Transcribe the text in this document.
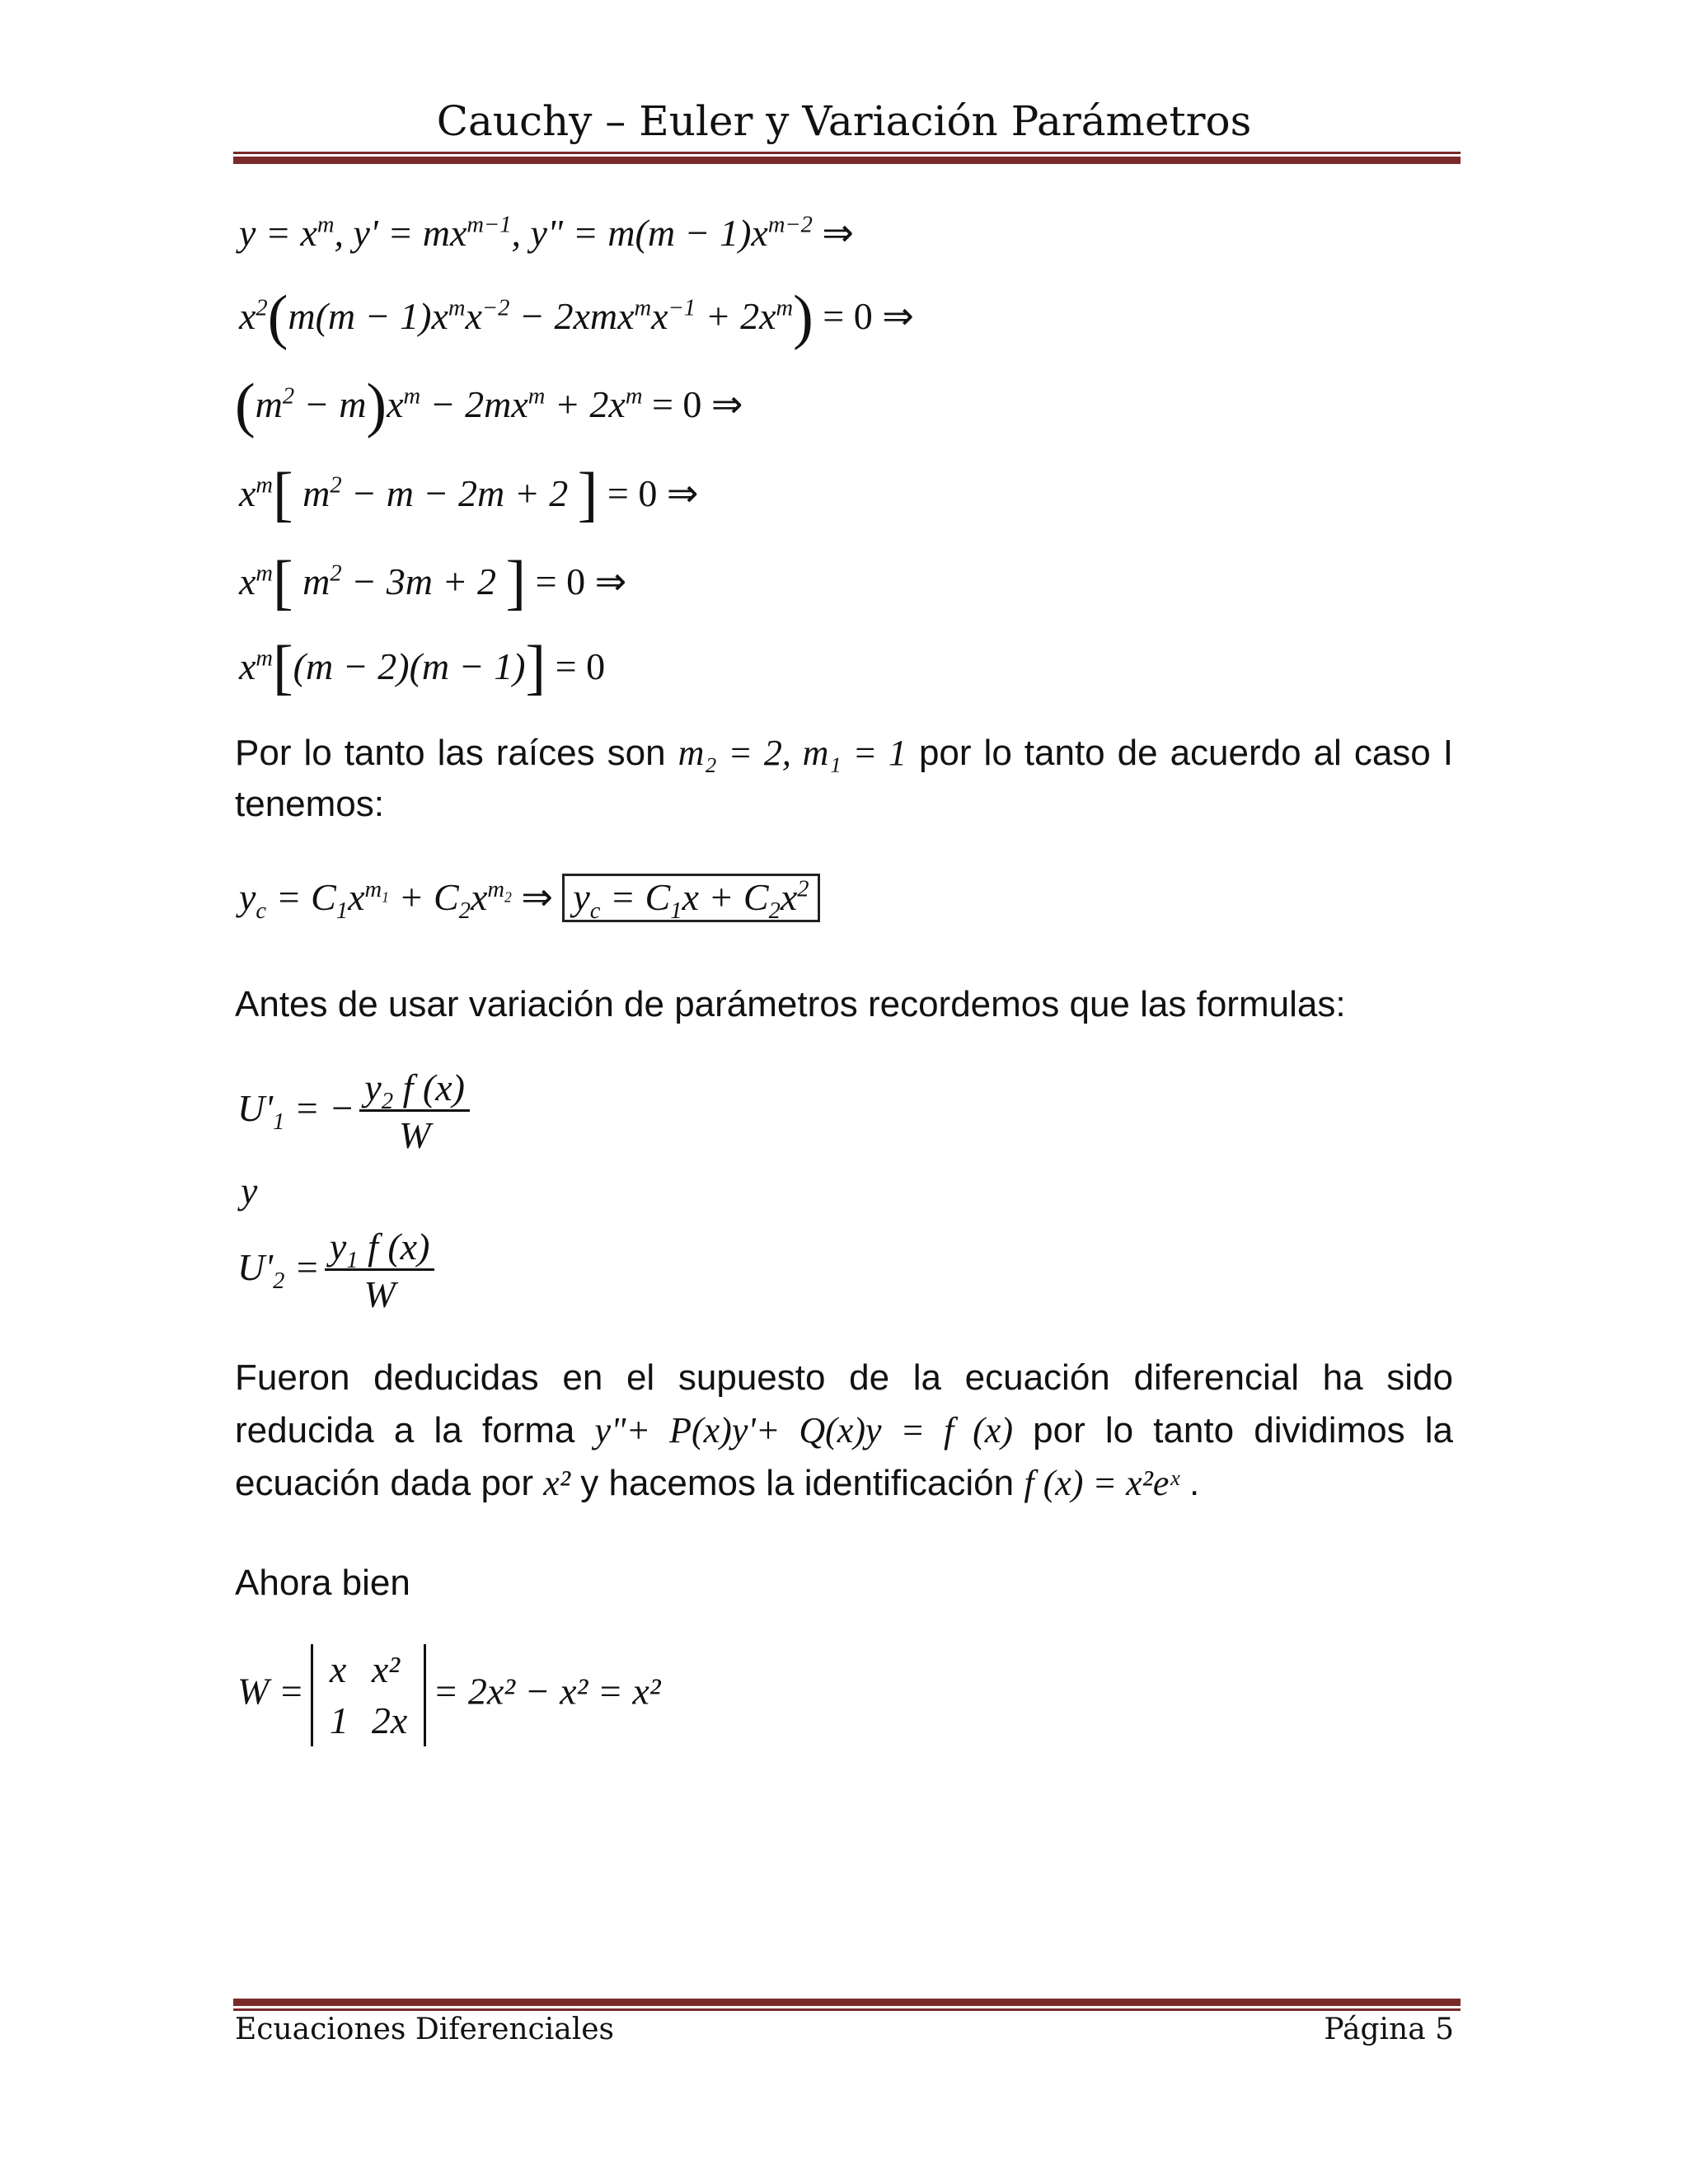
Cauchy – Euler y Variación Parámetros
$y = x^m$, $y' = mx^{m-1}$, y" = $m(m - 1)x^{m-2}$ ⇒
$x^2(m(m - 1)x^mx^{-2} - 2xmx^mx^{-1} + 2x^m) = 0$ ⇒
$(m^2 - m)x^m - 2mx^m + 2x^m = 0$ ⇒
$x^m$[ $m^2 - m - 2m + 2$ ] = 0 ⇒
$x^m$[ $m^2 - 3m + 2$ ] = 0 ⇒
$x^m[(m - 2)(m - 1)] = 0$
Por lo tanto las raíces son m₂ = 2, m₁ = 1 por lo tanto de acuerdo al caso I tenemos:
$y_c = C_1x^{m_1} + C_2x^{m_2}$ ⇒ $y_c = C_1x + C_2x^2$
Antes de usar variación de parámetros recordemos que las formulas:
$U'_1$ = − $\frac{y_2 f (x)}{W}$
y
$U'_2 = \frac{y_1 f (x)}{W}$
Fueron deducidas en el supuesto de la ecuación diferencial ha sido reducida a la forma y"+ P(x)y'+ Q(x)y = f (x) por lo tanto dividimos la ecuación dada por x² y hacemos la identificación f (x) = x²eˣ .
Ahora bien
W =
x	x²
1	2x
= 2x² − x² = x²
Ecuaciones Diferenciales	Página 5
